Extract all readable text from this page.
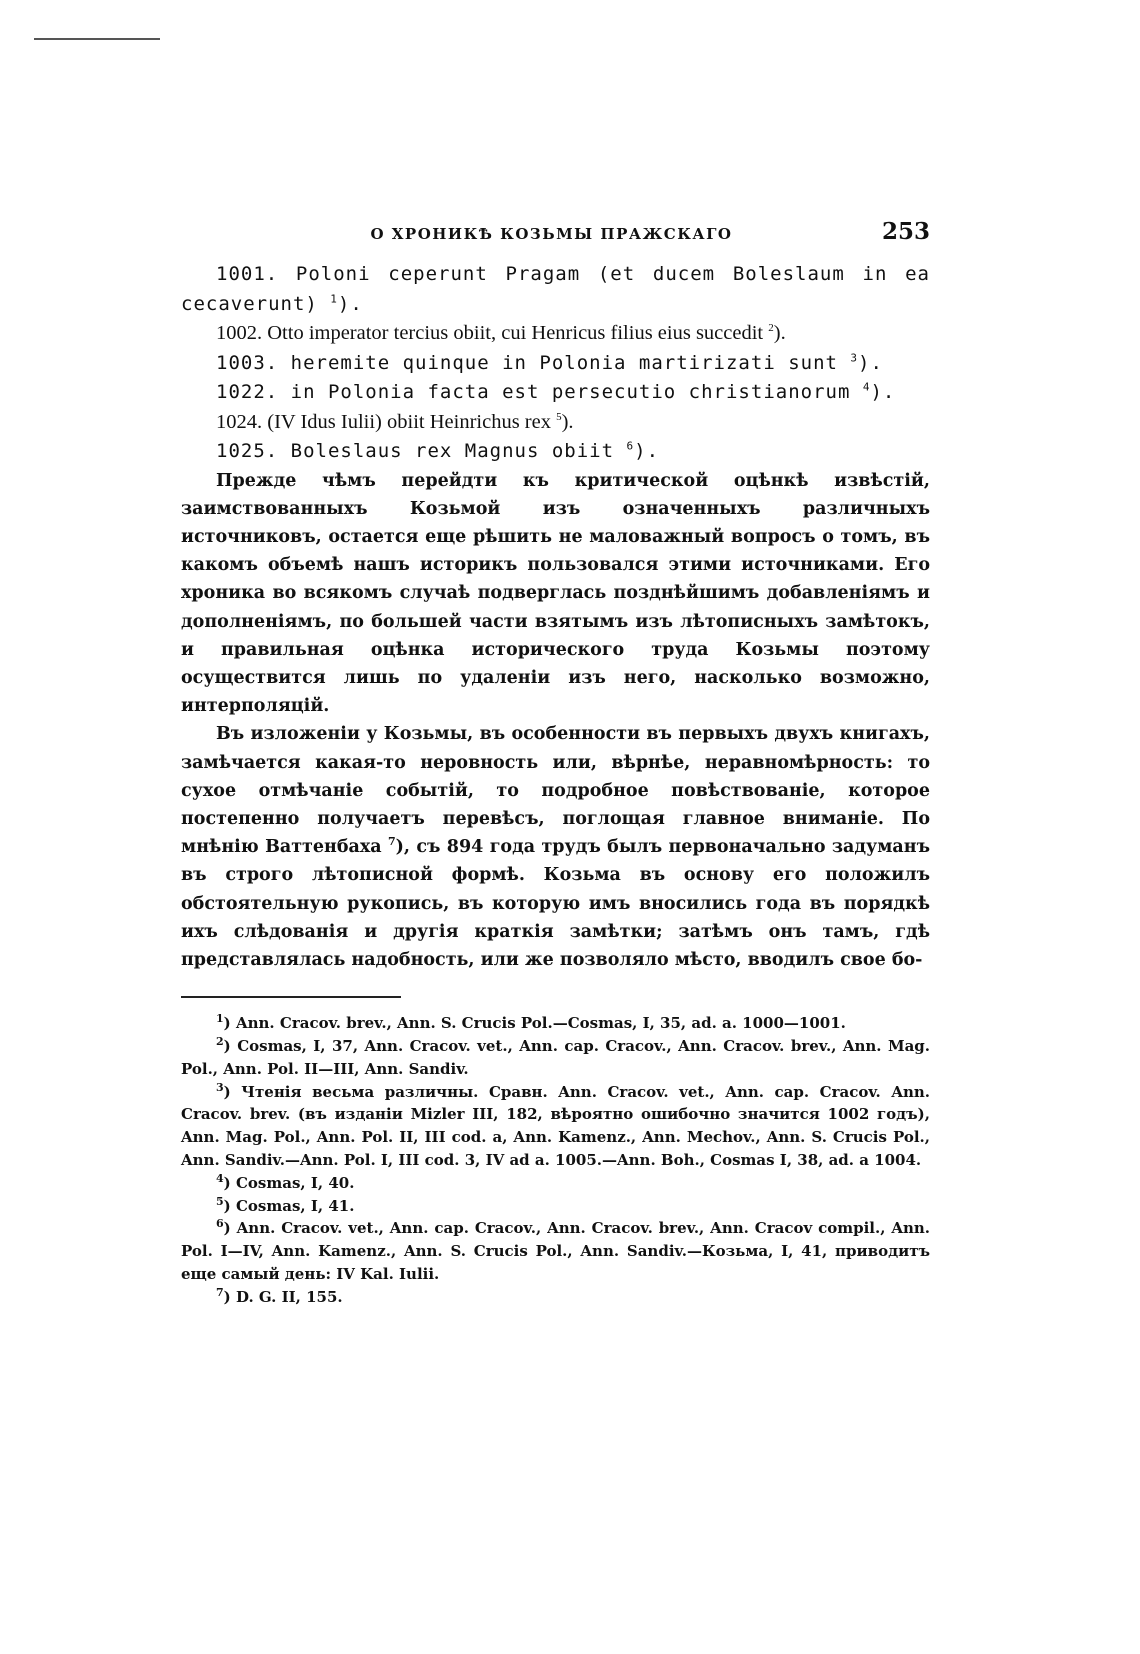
О ХРОНИКѢ КОЗЬМЫ ПРАЖСКАГО	253

1001. Poloni ceperunt Pragam (et ducem Boleslaum in ea cecaverunt) $^1$).

1002. Otto imperator tercius obiit, cui Henricus filius eius succedit $^2$).

1003. heremite quinque in Polonia martirizati sunt $^3$).

1022. in Polonia facta est persecutio christianorum $^4$).

1024. (IV Idus Iulii) obiit Heinrichus rex $^5$).

1025. Boleslaus rex Magnus obiit $^6$).

Прежде чѣмъ перейдти къ критической оцѣнкѣ извѣстій, заимствованныхъ Козьмой изъ означенныхъ различныхъ источниковъ, остается еще рѣшить не маловажный вопросъ о томъ, въ какомъ объемѣ нашъ историкъ пользовался этими источниками. Его хроника во всякомъ случаѣ подверглась позднѣйшимъ добавленіямъ и дополненіямъ, по большей части взятымъ изъ лѣтописныхъ замѣтокъ, и правильная оцѣнка исторического труда Козьмы поэтому осуществится лишь по удаленіи изъ него, насколько возможно, интерполяцій.

Въ изложеніи у Козьмы, въ особенности въ первыхъ двухъ книгахъ, замѣчается какая-то неровность или, вѣрнѣе, неравномѣрность: то сухое отмѣчаніе событій, то подробное повѣствованіе, которое постепенно получаетъ перевѣсъ, поглощая главное вниманіе. По мнѣнію Ваттенбаха $^7$), съ 894 года трудъ былъ первоначально задуманъ въ строго лѣтописной формѣ. Козьма въ основу его положилъ обстоятельную рукопись, въ которую имъ вносились года въ порядкѣ ихъ слѣдованія и другія краткія замѣтки; затѣмъ онъ тамъ, гдѣ представлялась надобность, или же позволяло мѣсто, вводилъ свое бо-

$^1$) Ann. Cracov. brev., Ann. S. Crucis Pol.—Cosmas, I, 35, ad. a. 1000—1001.

$^2$) Cosmas, I, 37, Ann. Cracov. vet., Ann. cap. Cracov., Ann. Cracov. brev., Ann. Mag. Pol., Ann. Pol. II—III, Ann. Sandiv.

$^3$) Чтенія весьма различны. Сравн. Ann. Cracov. vet., Ann. cap. Cracov. Ann. Cracov. brev. (въ изданіи Mizler III, 182, вѣроятно ошибочно значится 1002 годъ), Ann. Mag. Pol., Ann. Pol. II, III cod. a, Ann. Kamenz., Ann. Mechov., Ann. S. Crucis Pol., Ann. Sandiv.—Ann. Pol. I, III cod. 3, IV ad a. 1005.—Ann. Boh., Cosmas I, 38, ad. a 1004.

$^4$) Cosmas, I, 40.

$^5$) Cosmas, I, 41.

$^6$) Ann. Cracov. vet., Ann. cap. Cracov., Ann. Cracov. brev., Ann. Cracov compil., Ann. Pol. I—IV, Ann. Kamenz., Ann. S. Crucis Pol., Ann. Sandiv.—Козьма, I, 41, приводитъ еще самый день: IV Kal. Iulii.

$^7$) D. G. II, 155.
